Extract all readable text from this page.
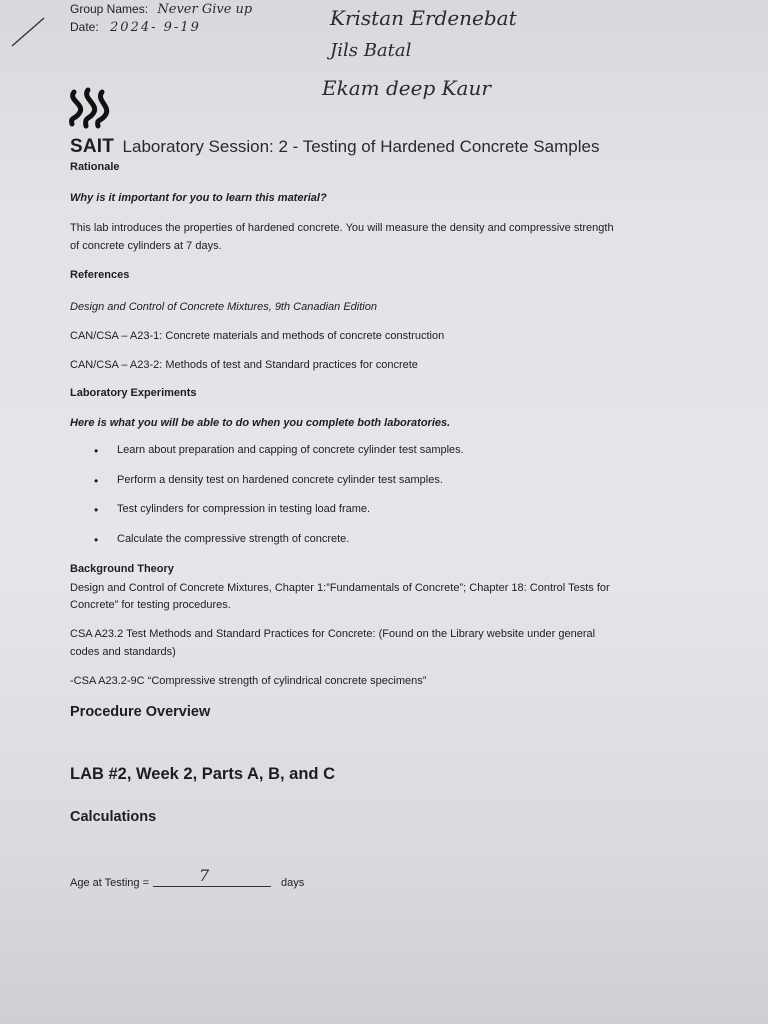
Group Names: Never Give up
Date: 2024- 9-19	Kristan Erdenebat
Jils Batal
Ekam deep Kaur
SAIT Laboratory Session: 2 - Testing of Hardened Concrete Samples
Rationale
Why is it important for you to learn this material?
This lab introduces the properties of hardened concrete. You will measure the density and compressive strength
of concrete cylinders at 7 days.
References
Design and Control of Concrete Mixtures, 9th Canadian Edition
CAN/CSA – A23-1: Concrete materials and methods of concrete construction
CAN/CSA – A23-2: Methods of test and Standard practices for concrete
Laboratory Experiments
Here is what you will be able to do when you complete both laboratories.
•	Learn about preparation and capping of concrete cylinder test samples.
•	Perform a density test on hardened concrete cylinder test samples.
•	Test cylinders for compression in testing load frame.
•	Calculate the compressive strength of concrete.
Background Theory
Design and Control of Concrete Mixtures, Chapter 1:”Fundamentals of Concrete”; Chapter 18: Control Tests for
Concrete” for testing procedures.
CSA A23.2 Test Methods and Standard Practices for Concrete: (Found on the Library website under general
codes and standards)
-CSA A23.2-9C “Compressive strength of cylindrical concrete specimens”
Procedure Overview
LAB #2, Week 2, Parts A, B, and C
Calculations
Age at Testing =	7	days
